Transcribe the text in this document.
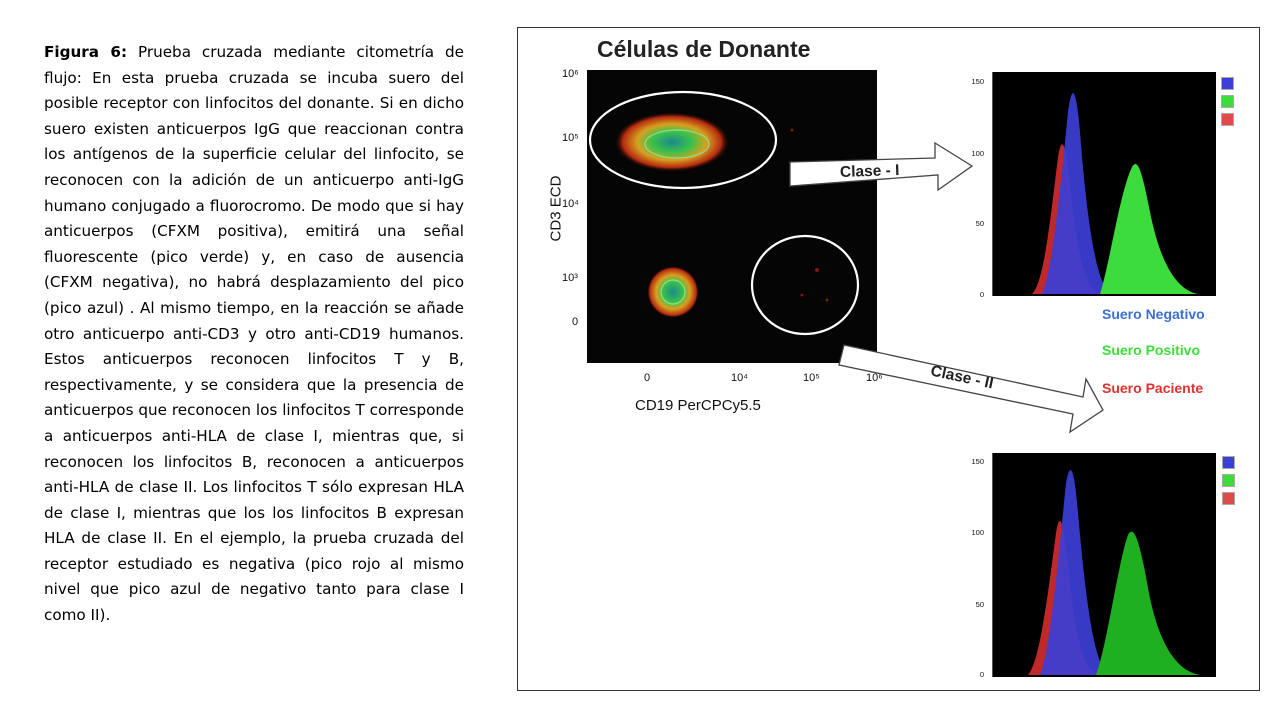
Figura 6: Prueba cruzada mediante citometría de flujo: En esta prueba cruzada se incuba suero del posible receptor con linfocitos del donante. Si en dicho suero existen anticuerpos IgG que reaccionan contra los antígenos de la superficie celular del linfocito, se reconocen con la adición de un anticuerpo anti-IgG humano conjugado a fluorocromo. De modo que si hay anticuerpos (CFXM positiva), emitirá una señal fluorescente (pico verde) y, en caso de ausencia (CFXM negativa), no habrá desplazamiento del pico (pico azul) . Al mismo tiempo, en la reacción se añade otro anticuerpo anti-CD3 y otro anti-CD19 humanos. Estos anticuerpos reconocen linfocitos T y B, respectivamente, y se considera que la presencia de anticuerpos que reconocen los linfocitos T corresponde a anticuerpos anti-HLA de clase I, mientras que, si reconocen los linfocitos B, reconocen a anticuerpos anti-HLA de clase II. Los linfocitos T sólo expresan HLA de clase I, mientras que los los linfocitos B expresan HLA de clase II. En el ejemplo, la prueba cruzada del receptor estudiado es negativa (pico rojo al mismo nivel que pico azul de negativo tanto para clase I como II).
Células de Donante
10⁶
10⁵
10⁴
10³
0
0	10⁴	10⁵	10⁶
CD3 ECD
CD19 PerCPCy5.5
Clase - I
Clase - II
150
100
50
0
Suero Negativo
Suero Positivo
Suero Paciente
150
100
50
0
